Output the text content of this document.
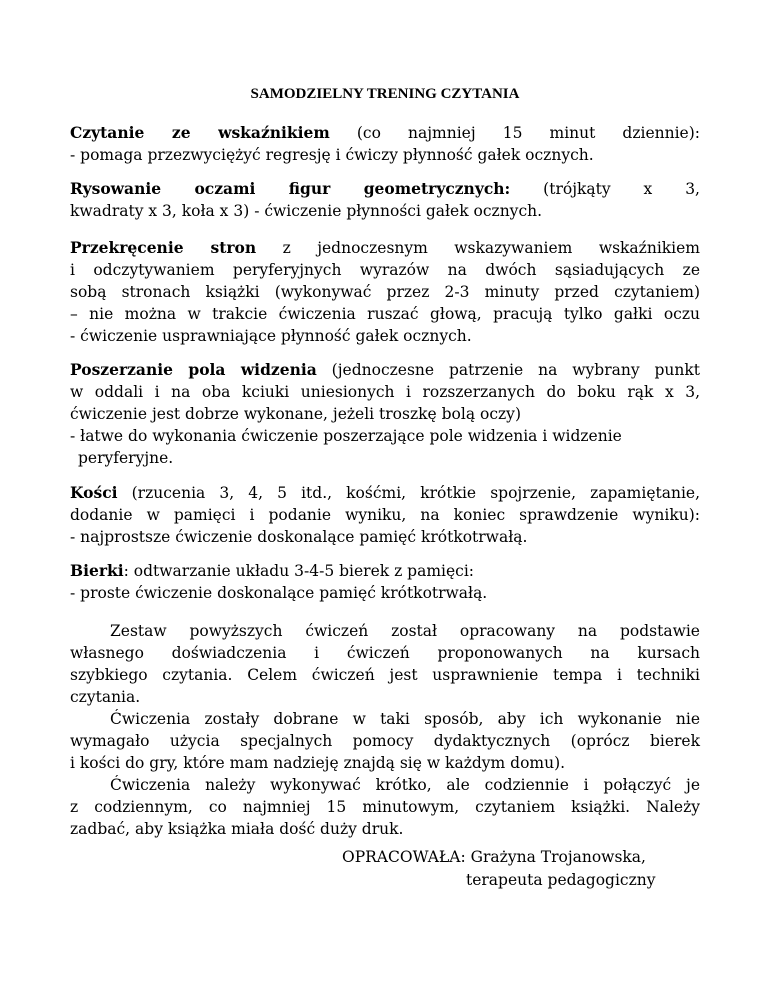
SAMODZIELNY TRENING CZYTANIA
Czytanie ze wskaźnikiem (co najmniej 15 minut dziennie):
- pomaga przezwyciężyć regresję i ćwiczy płynność gałek ocznych.
Rysowanie oczami figur geometrycznych: (trójkąty x 3,
kwadraty x 3, koła x 3) - ćwiczenie płynności gałek ocznych.
Przekręcenie stron z jednoczesnym wskazywaniem wskaźnikiem
i odczytywaniem peryferyjnych wyrazów na dwóch sąsiadujących ze
sobą stronach książki (wykonywać przez 2-3 minuty przed czytaniem)
– nie można w trakcie ćwiczenia ruszać głową, pracują tylko gałki oczu
- ćwiczenie usprawniające płynność gałek ocznych.
Poszerzanie pola widzenia (jednoczesne patrzenie na wybrany punkt
w oddali i na oba kciuki uniesionych i rozszerzanych do boku rąk x 3,
ćwiczenie jest dobrze wykonane, jeżeli troszkę bolą oczy)
- łatwe do wykonania ćwiczenie poszerzające pole widzenia i widzenie
peryferyjne.
Kości (rzucenia 3, 4, 5 itd., kośćmi, krótkie spojrzenie, zapamiętanie,
dodanie w pamięci i podanie wyniku, na koniec sprawdzenie wyniku):
- najprostsze ćwiczenie doskonalące pamięć krótkotrwałą.
Bierki: odtwarzanie układu 3-4-5 bierek z pamięci:
- proste ćwiczenie doskonalące pamięć krótkotrwałą.
Zestaw powyższych ćwiczeń został opracowany na podstawie
własnego doświadczenia i ćwiczeń proponowanych na kursach
szybkiego czytania. Celem ćwiczeń jest usprawnienie tempa i techniki
czytania.
Ćwiczenia zostały dobrane w taki sposób, aby ich wykonanie nie
wymagało użycia specjalnych pomocy dydaktycznych (oprócz bierek
i kości do gry, które mam nadzieję znajdą się w każdym domu).
Ćwiczenia należy wykonywać krótko, ale codziennie i połączyć je
z codziennym, co najmniej 15 minutowym, czytaniem książki. Należy
zadbać, aby książka miała dość duży druk.
OPRACOWAŁA: Grażyna Trojanowska,
terapeuta pedagogiczny
